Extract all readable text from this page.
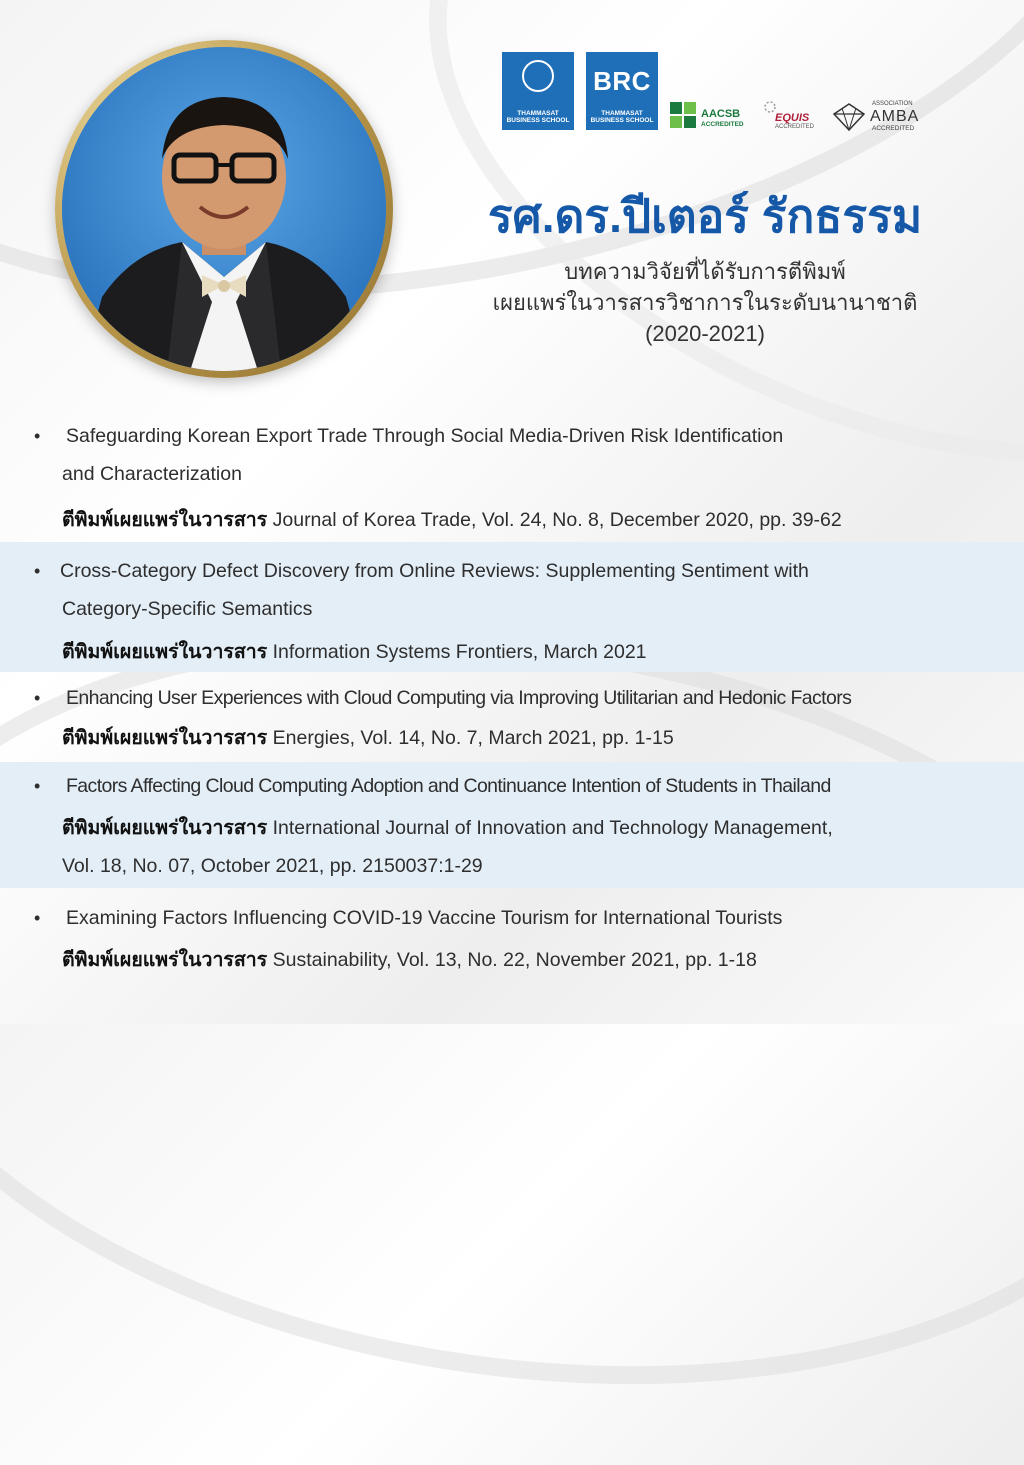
THAMMASAT
BUSINESS SCHOOL
BRC
THAMMASAT
BUSINESS SCHOOL
AACSB
ACCREDITED
EQUIS
ACCREDITED
ASSOCIATION
AMBA
ACCREDITED
รศ.ดร.ปีเตอร์ รักธรรม
บทความวิจัยที่ได้รับการตีพิมพ์
เผยแพร่ในวารสารวิชาการในระดับนานาชาติ
(2020-2021)
• Safeguarding Korean Export Trade Through Social Media-Driven Risk Identification
and Characterization
ตีพิมพ์เผยแพร่ในวารสาร Journal of Korea Trade, Vol. 24, No. 8, December 2020, pp. 39-62
• Cross-Category Defect Discovery from Online Reviews: Supplementing Sentiment with
Category-Specific Semantics
ตีพิมพ์เผยแพร่ในวารสาร Information Systems Frontiers, March 2021
• Enhancing User Experiences with Cloud Computing via Improving Utilitarian and Hedonic Factors
ตีพิมพ์เผยแพร่ในวารสาร Energies, Vol. 14, No. 7, March 2021, pp. 1-15
• Factors Affecting Cloud Computing Adoption and Continuance Intention of Students in Thailand
ตีพิมพ์เผยแพร่ในวารสาร International Journal of Innovation and Technology Management,
Vol. 18, No. 07, October 2021, pp. 2150037:1-29
• Examining Factors Influencing COVID-19 Vaccine Tourism for International Tourists
ตีพิมพ์เผยแพร่ในวารสาร Sustainability, Vol. 13, No. 22, November 2021, pp. 1-18
